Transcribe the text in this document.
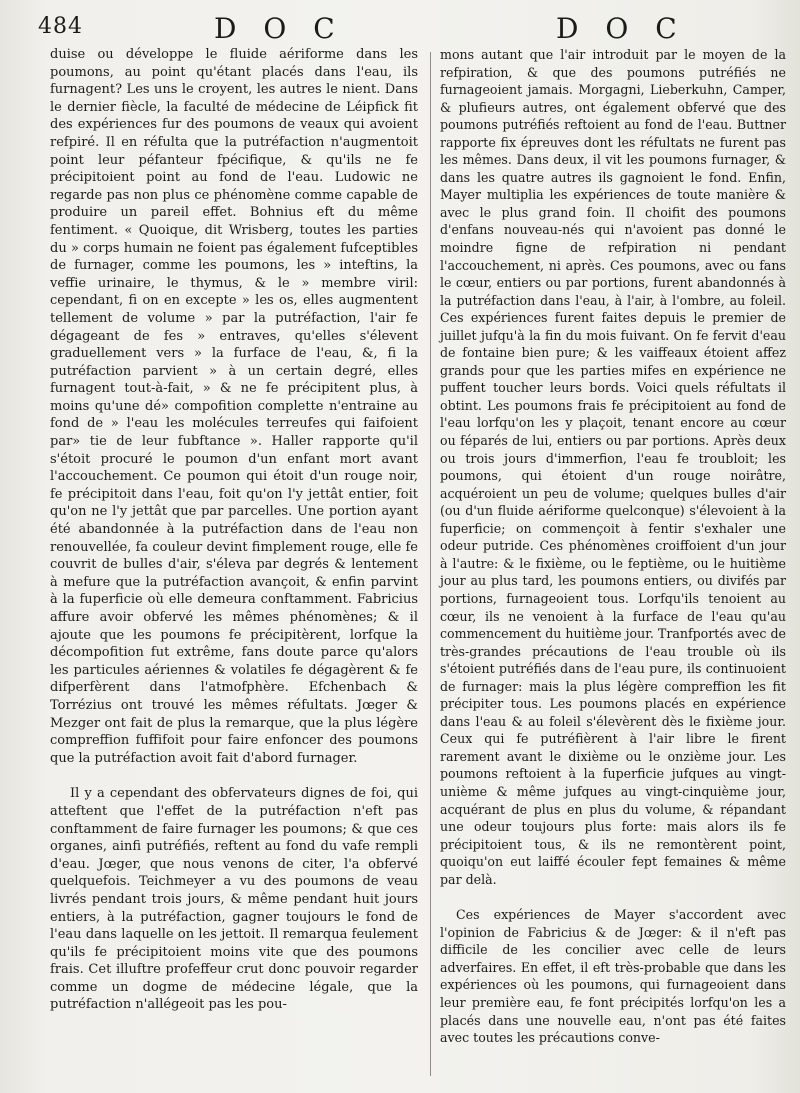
484	D O C	D O C

duise ou développe le fluide aériforme dans les poumons, au point qu'étant placés dans l'eau, ils furnagent? Les uns le croyent, les autres le nient. Dans le dernier fiècle, la faculté de médecine de Léipfick fit des expériences fur des poumons de veaux qui avoient refpiré. Il en réfulta que la putréfaction n'augmentoit point leur péfanteur fpécifique, & qu'ils ne fe précipitoient point au fond de l'eau. Ludowic ne regarde pas non plus ce phénomène comme capable de produire un pareil effet. Bohnius eft du même fentiment. « Quoique, dit Wrisberg, toutes les parties du » corps humain ne foient pas également fufceptibles de furnager, comme les poumons, les » inteftins, la veffie urinaire, le thymus, & le » membre viril: cependant, fi on en excepte » les os, elles augmentent tellement de volume » par la putréfaction, l'air fe dégageant de fes » entraves, qu'elles s'élevent graduellement vers » la furface de l'eau, &, fi la putréfaction parvient » à un certain degré, elles furnagent tout-à-fait, » & ne fe précipitent plus, à moins qu'une dé» compofition complette n'entraine au fond de » l'eau les molécules terreufes qui faifoient par» tie de leur fubftance ». Haller rapporte qu'il s'étoit procuré le poumon d'un enfant mort avant l'accouchement. Ce poumon qui étoit d'un rouge noir, fe précipitoit dans l'eau, foit qu'on l'y jettât entier, foit qu'on ne l'y jettât que par parcelles. Une portion ayant été abandonnée à la putréfaction dans de l'eau non renouvellée, fa couleur devint fimplement rouge, elle fe couvrit de bulles d'air, s'éleva par degrés & lentement à mefure que la putréfaction avançoit, & enfin parvint à la fuperficie où elle demeura conftamment. Fabricius affure avoir obfervé les mêmes phénomènes; & il ajoute que les poumons fe précipitèrent, lorfque la décompofition fut extrême, fans doute parce qu'alors les particules aériennes & volatiles fe dégagèrent & fe difperfèrent dans l'atmofphère. Efchenbach & Torrézius ont trouvé les mêmes réfultats. Jœger & Mezger ont fait de plus la remarque, que la plus légère compreffion fuffifoit pour faire enfoncer des poumons que la putréfaction avoit fait d'abord furnager.

Il y a cependant des obfervateurs dignes de foi, qui atteftent que l'effet de la putréfaction n'eft pas conftamment de faire furnager les poumons; & que ces organes, ainfi putréfiés, reftent au fond du vafe rempli d'eau. Jœger, que nous venons de citer, l'a obfervé quelquefois. Teichmeyer a vu des poumons de veau livrés pendant trois jours, & même pendant huit jours entiers, à la putréfaction, gagner toujours le fond de l'eau dans laquelle on les jettoit. Il remarqua feulement qu'ils fe précipitoient moins vite que des poumons frais. Cet illuftre profeffeur crut donc pouvoir regarder comme un dogme de médecine légale, que la putréfaction n'allégeoit pas les pou-

mons autant que l'air introduit par le moyen de la refpiration, & que des poumons putréfiés ne furnageoient jamais. Morgagni, Lieberkuhn, Camper, & plufieurs autres, ont également obfervé que des poumons putréfiés reftoient au fond de l'eau. Buttner rapporte fix épreuves dont les réfultats ne furent pas les mêmes. Dans deux, il vit les poumons furnager, & dans les quatre autres ils gagnoient le fond. Enfin, Mayer multiplia les expériences de toute manière & avec le plus grand foin. Il choifit des poumons d'enfans nouveau-nés qui n'avoient pas donné le moindre figne de refpiration ni pendant l'accouchement, ni après. Ces poumons, avec ou fans le cœur, entiers ou par portions, furent abandonnés à la putréfaction dans l'eau, à l'air, à l'ombre, au foleil. Ces expériences furent faites depuis le premier de juillet jufqu'à la fin du mois fuivant. On fe fervit d'eau de fontaine bien pure; & les vaiffeaux étoient affez grands pour que les parties mifes en expérience ne puffent toucher leurs bords. Voici quels réfultats il obtint. Les poumons frais fe précipitoient au fond de l'eau lorfqu'on les y plaçoit, tenant encore au cœur ou féparés de lui, entiers ou par portions. Après deux ou trois jours d'immerfion, l'eau fe troubloit; les poumons, qui étoient d'un rouge noirâtre, acquéroient un peu de volume; quelques bulles d'air (ou d'un fluide aériforme quelconque) s'élevoient à la fuperficie; on commençoit à fentir s'exhaler une odeur putride. Ces phénomènes croiffoient d'un jour à l'autre: & le fixième, ou le feptième, ou le huitième jour au plus tard, les poumons entiers, ou divifés par portions, furnageoient tous. Lorfqu'ils tenoient au cœur, ils ne venoient à la furface de l'eau qu'au commencement du huitième jour. Tranfportés avec de très-grandes précautions de l'eau trouble où ils s'étoient putréfiés dans de l'eau pure, ils continuoient de furnager: mais la plus légère compreffion les fit précipiter tous. Les poumons placés en expérience dans l'eau & au foleil s'élevèrent dès le fixième jour. Ceux qui fe putréfièrent à l'air libre le firent rarement avant le dixième ou le onzième jour. Les poumons reftoient à la fuperficie jufques au vingt-unième & même jufques au vingt-cinquième jour, acquérant de plus en plus du volume, & répandant une odeur toujours plus forte: mais alors ils fe précipitoient tous, & ils ne remontèrent point, quoiqu'on eut laiffé écouler fept femaines & même par delà.

Ces expériences de Mayer s'accordent avec l'opinion de Fabricius & de Jœger: & il n'eft pas difficile de les concilier avec celle de leurs adverfaires. En effet, il eft très-probable que dans les expériences où les poumons, qui furnageoient dans leur première eau, fe font précipités lorfqu'on les a placés dans une nouvelle eau, n'ont pas été faites avec toutes les précautions conve-
